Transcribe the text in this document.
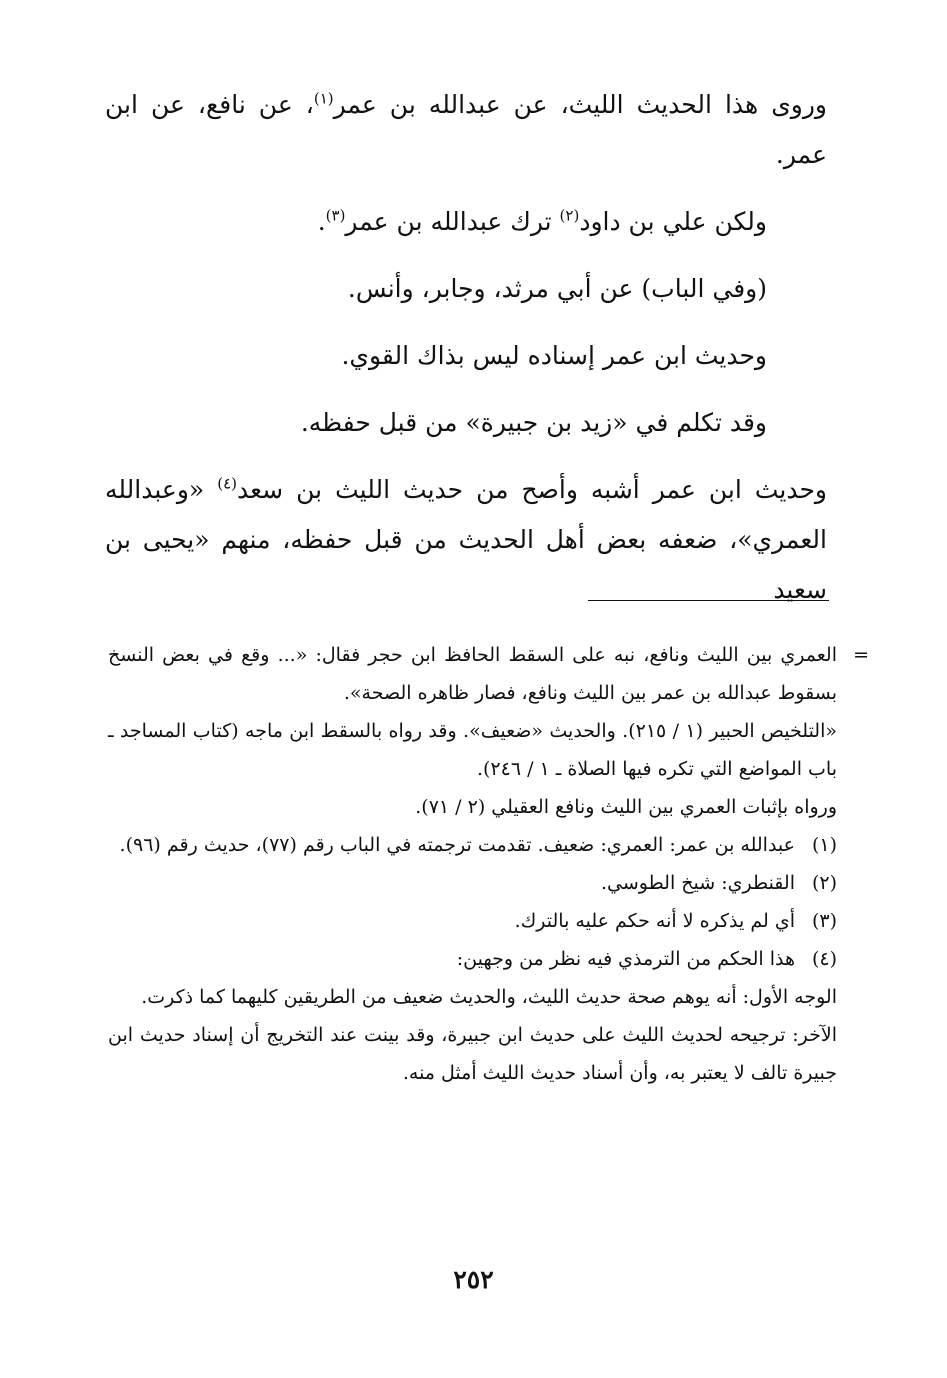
وروى هذا الحديث الليث، عن عبدالله بن عمر$^{(١)}$، عن نافع، عن ابن عمر.

ولكن علي بن داود$^{(٢)}$ ترك عبدالله بن عمر$^{(٣)}$.

(وفي الباب) عن أبي مرثد، وجابر، وأنس.

وحديث ابن عمر إسناده ليس بذاك القوي.

وقد تكلم في «زيد بن جبيرة» من قبل حفظه.

وحديث ابن عمر أشبه وأصح من حديث الليث بن سعد$^{(٤)}$ «وعبدالله العمري»، ضعفه بعض أهل الحديث من قبل حفظه، منهم «يحيى بن سعيد

=

العمري بين الليث ونافع، نبه على السقط الحافظ ابن حجر فقال: «... وقع في بعض النسخ بسقوط عبدالله بن عمر بين الليث ونافع، فصار ظاهره الصحة».

«التلخيص الحبير (١ / ٢١٥). والحديث «ضعيف». وقد رواه بالسقط ابن ماجه (كتاب المساجد ـ باب المواضع التي تكره فيها الصلاة ـ ١ / ٢٤٦).

ورواه بإثبات العمري بين الليث ونافع العقيلي (٢ / ٧١).

(١)عبدالله بن عمر: العمري: ضعيف. تقدمت ترجمته في الباب رقم (٧٧)، حديث رقم (٩٦).

(٢)القنطري: شيخ الطوسي.

(٣)أي لم يذكره لا أنه حكم عليه بالترك.

(٤)هذا الحكم من الترمذي فيه نظر من وجهين:

الوجه الأول: أنه يوهم صحة حديث الليث، والحديث ضعيف من الطريقين كليهما كما ذكرت.

الآخر: ترجيحه لحديث الليث على حديث ابن جبيرة، وقد بينت عند التخريج أن إسناد حديث ابن جبيرة تالف لا يعتبر به، وأن أسناد حديث الليث أمثل منه.

٢٥٢
